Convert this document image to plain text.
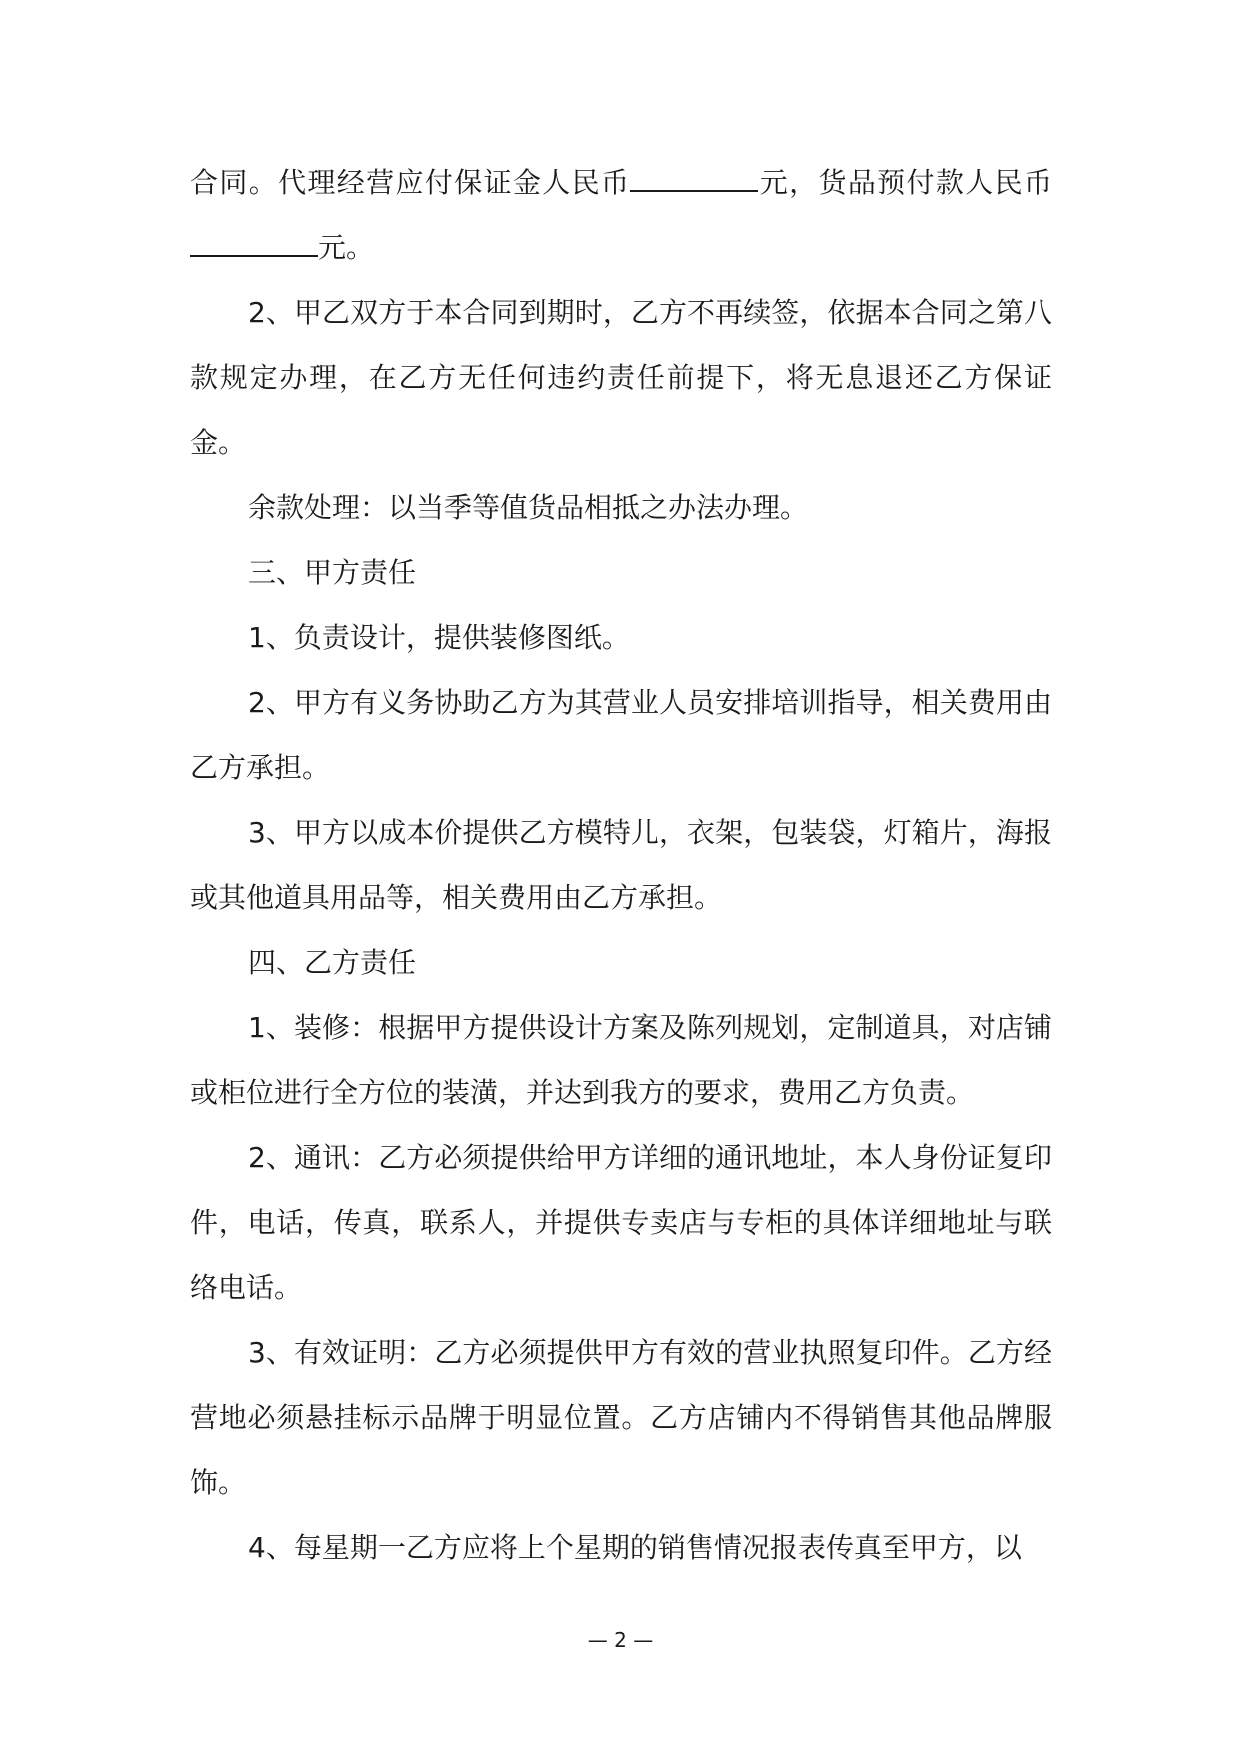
合同。代理经营应付保证金人民币	元，货品预付款人民币元。

2、甲乙双方于本合同到期时，乙方不再续签，依据本合同之第八款规定办理，在乙方无任何违约责任前提下，将无息退还乙方保证金。

余款处理：以当季等值货品相抵之办法办理。

三、甲方责任

1、负责设计，提供装修图纸。

2、甲方有义务协助乙方为其营业人员安排培训指导，相关费用由乙方承担。

3、甲方以成本价提供乙方模特儿，衣架，包装袋，灯箱片，海报或其他道具用品等，相关费用由乙方承担。

四、乙方责任

1、装修：根据甲方提供设计方案及陈列规划，定制道具，对店铺或柜位进行全方位的装潢，并达到我方的要求，费用乙方负责。

2、通讯：乙方必须提供给甲方详细的通讯地址，本人身份证复印件，电话，传真，联系人，并提供专卖店与专柜的具体详细地址与联络电话。

3、有效证明：乙方必须提供甲方有效的营业执照复印件。乙方经营地必须悬挂标示品牌于明显位置。乙方店铺内不得销售其他品牌服饰。

4、每星期一乙方应将上个星期的销售情况报表传真至甲方，以

— 2 —
